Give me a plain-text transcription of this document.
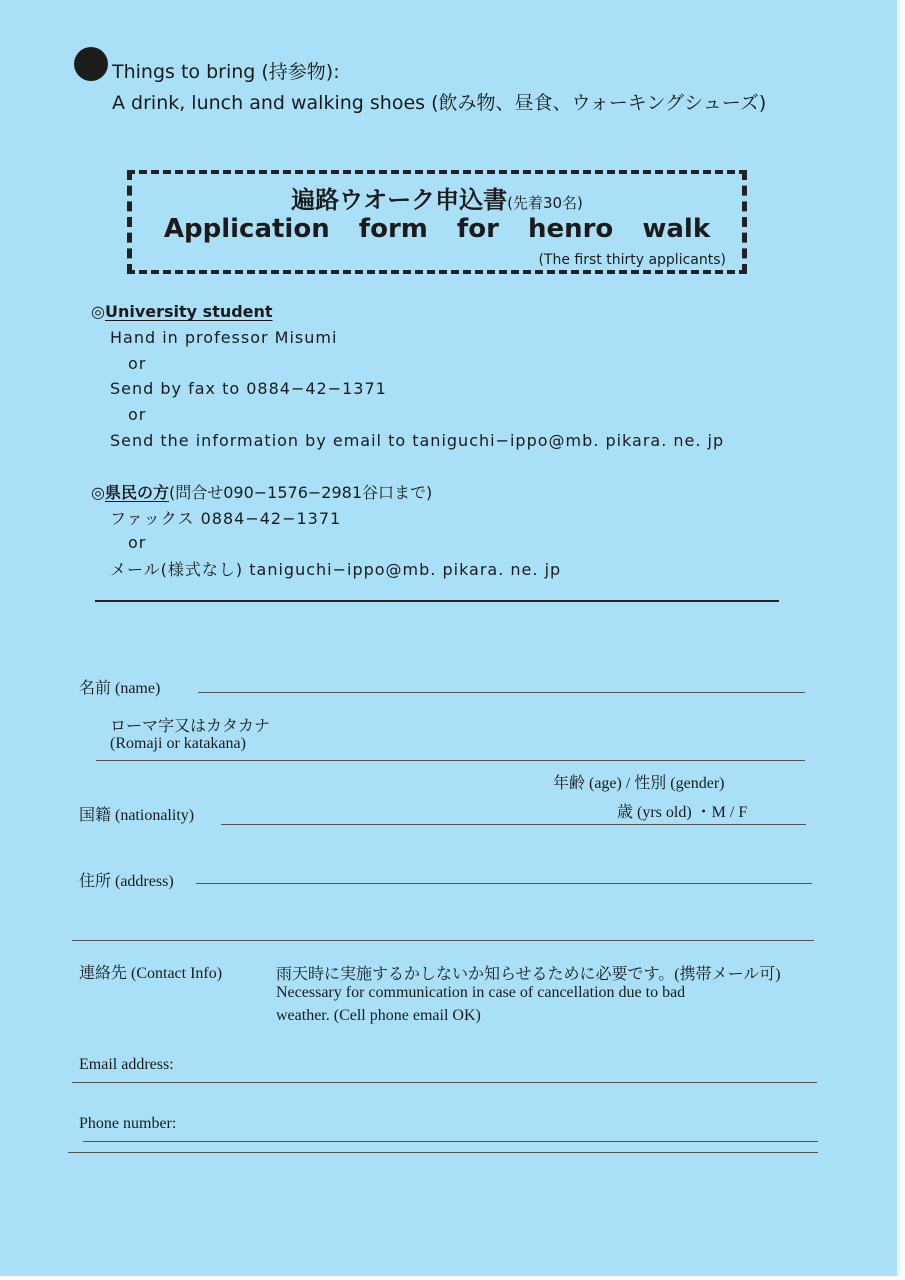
Things to bring (持参物):
A drink, lunch and walking shoes (飲み物、昼食、ウォーキングシューズ)
遍路ウオーク申込書(先着30名)
Application form for henro walk
(The first thirty applicants)
◎University student
Hand in professor Misumi
or
Send by fax to 0884−42−1371
or
Send the information by email to taniguchi−ippo@mb. pikara. ne. jp
◎県民の方(問合せ090−1576−2981谷口まで)
ファックス 0884−42−1371
or
メール(様式なし) taniguchi−ippo@mb. pikara. ne. jp
名前 (name)
ローマ字又はカタカナ
(Romaji or katakana)
年齢 (age) / 性別 (gender)
国籍 (nationality)	歳 (yrs old) ・M / F
住所 (address)
連絡先 (Contact Info)	雨天時に実施するかしないか知らせるために必要です。(携帯メール可)
Necessary for communication in case of cancellation due to bad
weather. (Cell phone email OK)
Email address:
Phone number:
